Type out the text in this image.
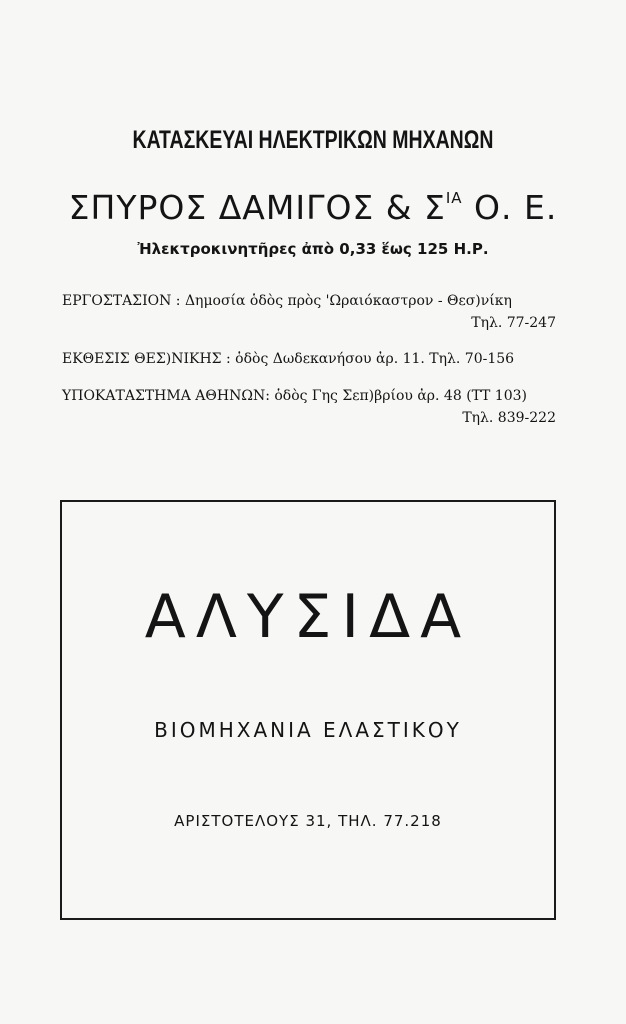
ΚΑΤΑΣΚΕΥΑΙ ΗΛΕΚΤΡΙΚΩΝ ΜΗΧΑΝΩΝ
ΣΠΥΡΟΣ ΔΑΜΙΓΟΣ & $\Sigma^{IA}$ Ο. Ε.
Ἠλεκτροκινητῆρες ἀπὸ 0,33 ἕως 125 Η.Ρ.
ΕΡΓΟΣΤΑΣΙΟΝ : Δημοσία ὁδὸς πρὸς 'Ωραιόκαστρον - Θεσ)νίκη
Τηλ. 77-247
ΕΚΘΕΣΙΣ ΘΕΣ)ΝΙΚΗΣ : ὁδὸς Δωδεκανήσου ἀρ. 11. Τηλ. 70-156
ΥΠΟΚΑΤΑΣΤΗΜΑ ΑΘΗΝΩΝ: ὁδὸς Γης Σεπ)βρίου ἀρ. 48 (ΤΤ 103)
Τηλ. 839-222
ΑΛΥΣΙΔΑ
ΒΙΟΜΗΧΑΝΙΑ ΕΛΑΣΤΙΚΟΥ
ΑΡΙΣΤΟΤΕΛΟΥΣ 31, ΤΗΛ. 77.218
